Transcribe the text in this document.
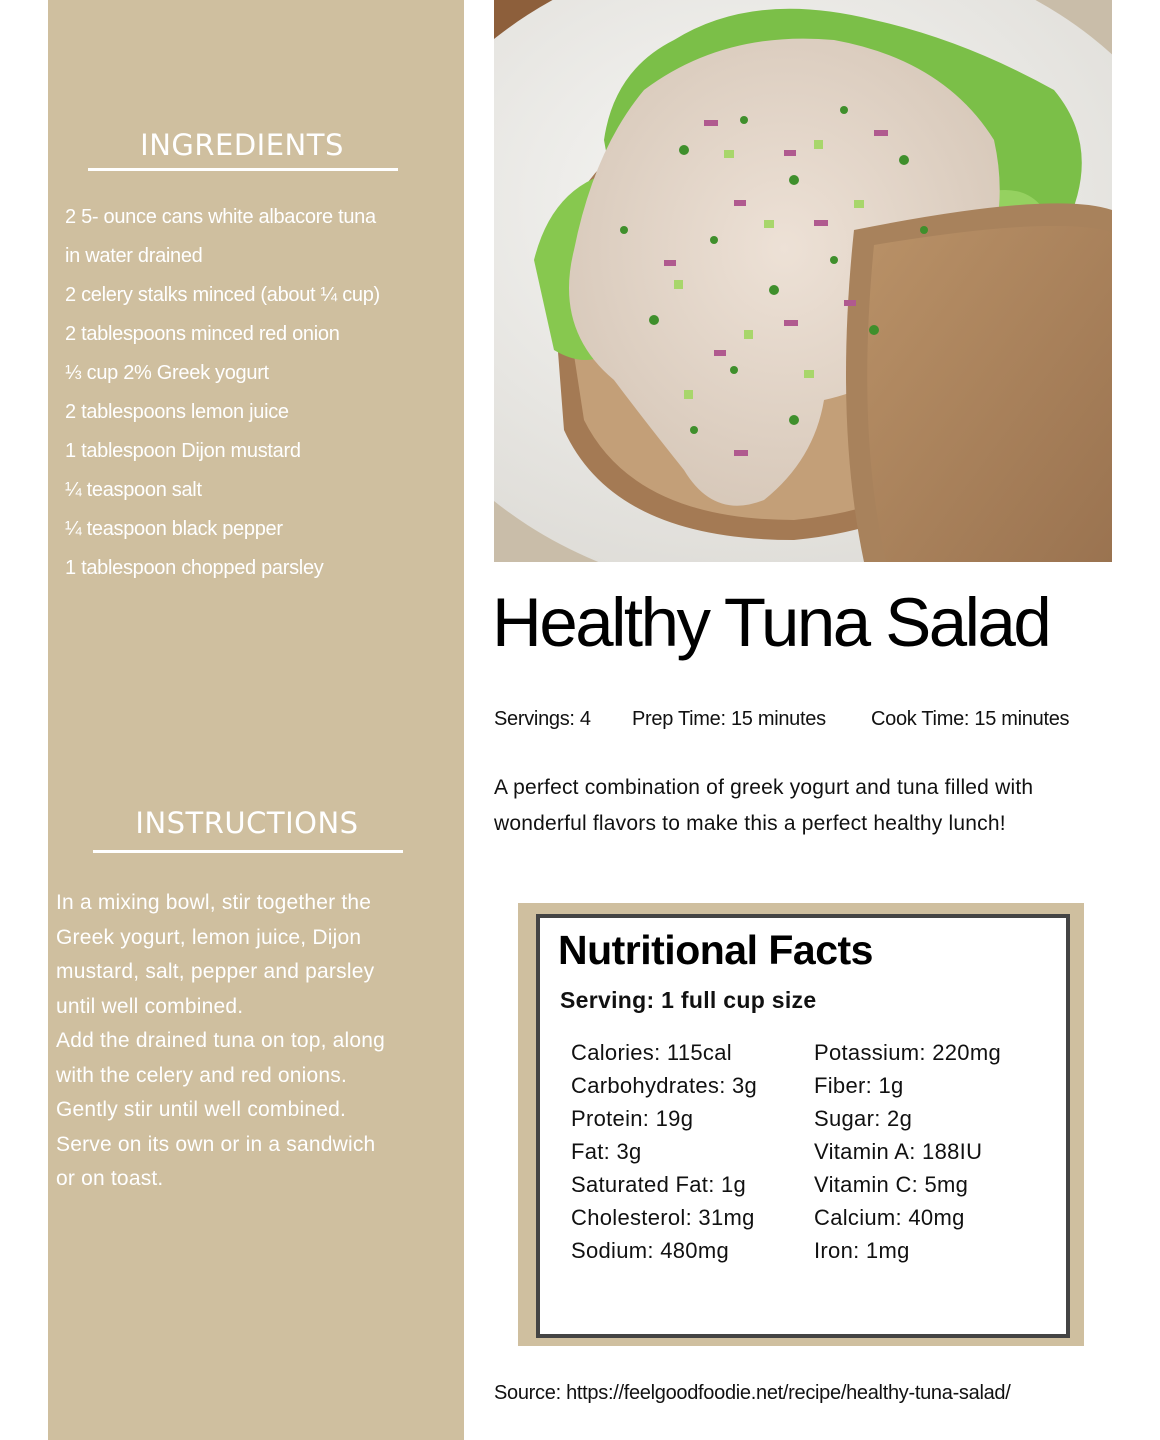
INGREDIENTS
2 5- ounce cans white albacore tuna in water drained
2 celery stalks minced (about ¼ cup)
2 tablespoons minced red onion
⅓ cup 2% Greek yogurt
2 tablespoons lemon juice
1 tablespoon Dijon mustard
¼ teaspoon salt
¼ teaspoon black pepper
1 tablespoon chopped parsley
INSTRUCTIONS
In a mixing bowl, stir together the Greek yogurt, lemon juice, Dijon mustard, salt, pepper and parsley until well combined.
Add the drained tuna on top, along with the celery and red onions. Gently stir until well combined.
Serve on its own or in a sandwich or on toast.
Healthy Tuna Salad
Servings: 4 Prep Time: 15 minutes Cook Time: 15 minutes
A perfect combination of greek yogurt and tuna filled with wonderful flavors to make this a perfect healthy lunch!
Nutritional Facts
Serving: 1 full cup size
Calories: 115cal
Carbohydrates: 3g
Protein: 19g
Fat: 3g
Saturated Fat: 1g
Cholesterol: 31mg
Sodium: 480mg
Potassium: 220mg
Fiber: 1g
Sugar: 2g
Vitamin A: 188IU
Vitamin C: 5mg
Calcium: 40mg
Iron: 1mg
Source: https://feelgoodfoodie.net/recipe/healthy-tuna-salad/
